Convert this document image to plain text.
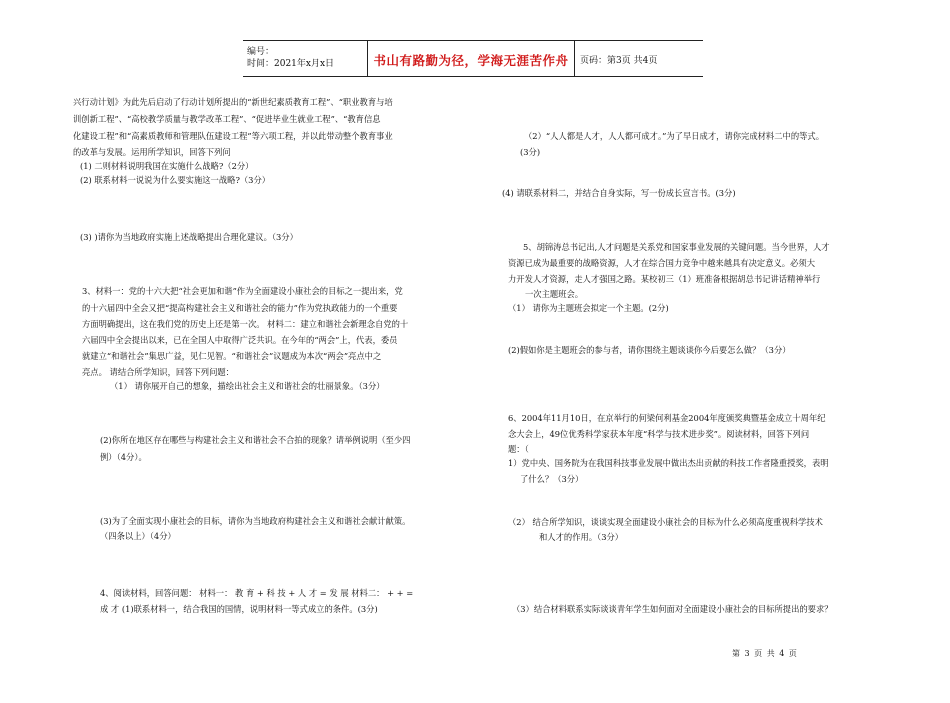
编号：
时间：2021年x月x日	书山有路勤为径，学海无涯苦作舟	页码：第3页 共4页
兴行动计划》为此先后启动了行动计划所提出的“新世纪素质教育工程”、“职业教育与培
训创新工程”、“高校教学质量与教学改革工程”、“促进毕业生就业工程”、“教育信息
化建设工程”和“高素质教师和管理队伍建设工程”等六项工程，并以此带动整个教育事业
的改革与发展。运用所学知识，回答下列问
(1) 二则材料说明我国在实施什么战略?（2分）
(2) 联系材料一说说为什么要实施这一战略?（3分）
(3) )请你为当地政府实施上述战略提出合理化建议。（3分）
3、材料一：党的十六大把“社会更加和谐”作为全面建设小康社会的目标之一提出来，党
的十六届四中全会又把“提高构建社会主义和谐社会的能力”作为党执政能力的一个重要
方面明确提出，这在我们党的历史上还是第一次。 材料二：建立和谐社会新理念自党的十
六届四中全会提出以来，已在全国人中取得广泛共识。在今年的“两会”上，代表，委员
就建立“和谐社会”集思广益，见仁见智。“和谐社会”议题成为本次“两会”亮点中之
亮点。 请结合所学知识，回答下列问题：
（1） 请你展开自己的想象，描绘出社会主义和谐社会的壮丽景象。（3分）
(2)你所在地区存在哪些与构建社会主义和谐社会不合拍的现象？请举例说明（至少四
例）（4分）。
(3)为了全面实现小康社会的目标，请你为当地政府构建社会主义和谐社会献计献策。
（四条以上）（4分）
4、阅读材料，回答问题： 材料一： 教 育 + 科 技 + 人 才 = 发 展 材料二： + + =
成 才 (1)联系材料一，结合我国的国情，说明材料一等式成立的条件。(3分)
（2）“人人都是人才，人人都可成才。”为了早日成才，请你完成材料二中的等式。
(3分)
(4) 请联系材料二，并结合自身实际，写一份成长宣言书。(3分)
5、胡锦涛总书记出,人才问题是关系党和国家事业发展的关键问题。当今世界，人才
资源已成为最重要的战略资源，人才在综合国力竞争中越来越具有决定意义。必须大
力开发人才资源，走人才强国之路。某校初三（1）班准备根据胡总书记讲话精神举行
一次主题班会。
（1） 请你为主题班会拟定一个主题。(2分)
(2)假如你是主题班会的参与者，请你围绕主题谈谈你今后要怎么做？（3分）
6、2004年11月10日，在京举行的何梁何利基金2004年度颁奖典暨基金成立十周年纪
念大会上，49位优秀科学家获本年度“科学与技术进步奖”。阅读材料，回答下列问
题：（
1）党中央、国务院为在我国科技事业发展中做出杰出贡献的科技工作者隆重授奖，表明
了什么？（3分）
（2） 结合所学知识，谈谈实现全面建设小康社会的目标为什么必须高度重视科学技术
和人才的作用。（3分）
（3）结合材料联系实际谈谈青年学生如何面对全面建设小康社会的目标所提出的要求？
第 3 页 共 4 页
